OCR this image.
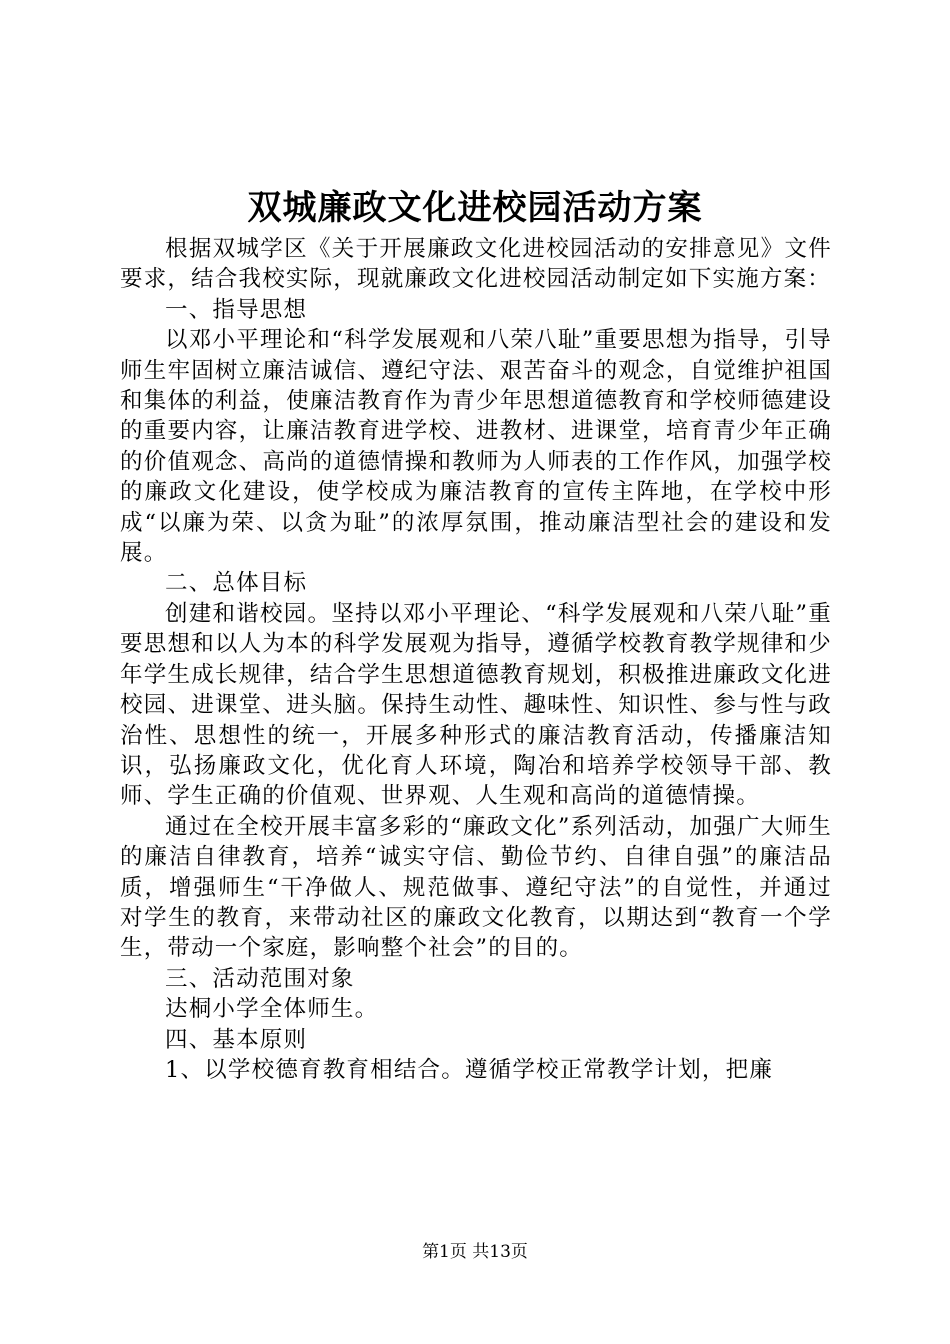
双城廉政文化进校园活动方案

根据双城学区《关于开展廉政文化进校园活动的安排意见》文件要求，结合我校实际，现就廉政文化进校园活动制定如下实施方案：

一、指导思想

以邓小平理论和“科学发展观和八荣八耻”重要思想为指导，引导师生牢固树立廉洁诚信、遵纪守法、艰苦奋斗的观念，自觉维护祖国和集体的利益，使廉洁教育作为青少年思想道德教育和学校师德建设的重要内容，让廉洁教育进学校、进教材、进课堂，培育青少年正确的价值观念、高尚的道德情操和教师为人师表的工作作风，加强学校的廉政文化建设，使学校成为廉洁教育的宣传主阵地，在学校中形成“以廉为荣、以贪为耻”的浓厚氛围，推动廉洁型社会的建设和发展。

二、总体目标

创建和谐校园。坚持以邓小平理论、“科学发展观和八荣八耻”重要思想和以人为本的科学发展观为指导，遵循学校教育教学规律和少年学生成长规律，结合学生思想道德教育规划，积极推进廉政文化进校园、进课堂、进头脑。保持生动性、趣味性、知识性、参与性与政治性、思想性的统一，开展多种形式的廉洁教育活动，传播廉洁知识，弘扬廉政文化，优化育人环境，陶冶和培养学校领导干部、教师、学生正确的价值观、世界观、人生观和高尚的道德情操。

通过在全校开展丰富多彩的“廉政文化”系列活动，加强广大师生的廉洁自律教育，培养“诚实守信、勤俭节约、自律自强”的廉洁品质，增强师生“干净做人、规范做事、遵纪守法”的自觉性，并通过对学生的教育，来带动社区的廉政文化教育，以期达到“教育一个学生，带动一个家庭，影响整个社会”的目的。

三、活动范围对象

达桐小学全体师生。

四、基本原则

1、以学校德育教育相结合。遵循学校正常教学计划，把廉

第1页 共13页
